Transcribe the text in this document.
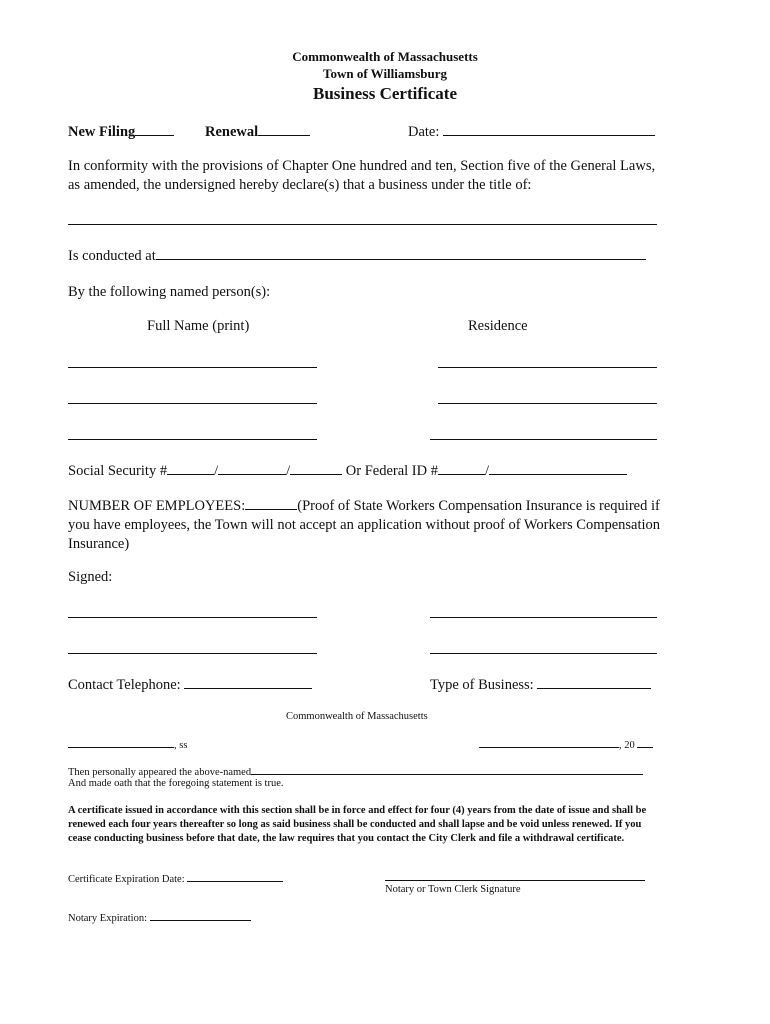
Commonwealth of Massachusetts
Town of Williamsburg
Business Certificate
New Filing	Renewal	Date:
In conformity with the provisions of Chapter One hundred and ten, Section five of the General Laws, as amended, the undersigned hereby declare(s) that a business under the title of:
Is conducted at
By the following named person(s):
Full Name (print)	Residence
Social Security #	/	/	Or Federal ID #	/
NUMBER OF EMPLOYEES:	(Proof of State Workers Compensation Insurance is required if you have employees, the Town will not accept an application without proof of Workers Compensation Insurance)
Signed:
Contact Telephone:	Type of Business:
Commonwealth of Massachusetts
, ss	, 20
Then personally appeared the above-named
And made oath that the foregoing statement is true.
A certificate issued in accordance with this section shall be in force and effect for four (4) years from the date of issue and shall be renewed each four years thereafter so long as said business shall be conducted and shall lapse and be void unless renewed. If you cease conducting business before that date, the law requires that you contact the City Clerk and file a withdrawal certificate.
Certificate Expiration Date:
Notary or Town Clerk Signature
Notary Expiration:
